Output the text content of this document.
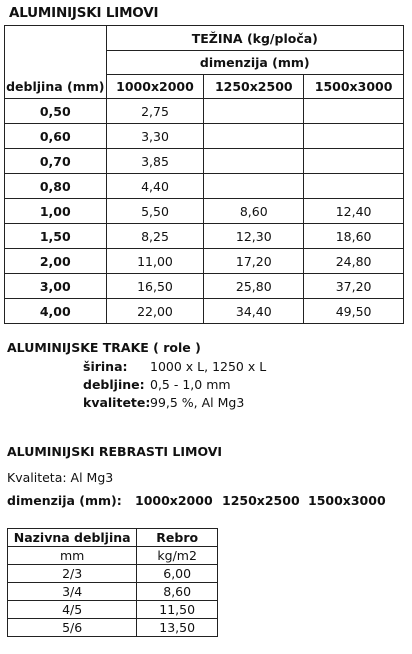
ALUMINIJSKI LIMOVI
debljina (mm)	TEŽINA (kg/ploča)		
	dimenzija (mm)		
	1000x2000	1250x2500	1500x3000
0,50	2,75		
0,60	3,30		
0,70	3,85		
0,80	4,40		
1,00	5,50	8,60	12,40
1,50	8,25	12,30	18,60
2,00	11,00	17,20	24,80
3,00	16,50	25,80	37,20
4,00	22,00	34,40	49,50
ALUMINIJSKE TRAKE ( role )
širina: 1000 x L, 1250 x L
debljine: 0,5 - 1,0 mm
kvalitete: 99,5 %, Al Mg3
ALUMINIJSKI REBRASTI LIMOVI
Kvaliteta: Al Mg3
dimenzija (mm): 1000x2000 1250x2500 1500x3000
Nazivna debljina	Rebro
mm	kg/m2
2/3	6,00
3/4	8,60
4/5	11,50
5/6	13,50
